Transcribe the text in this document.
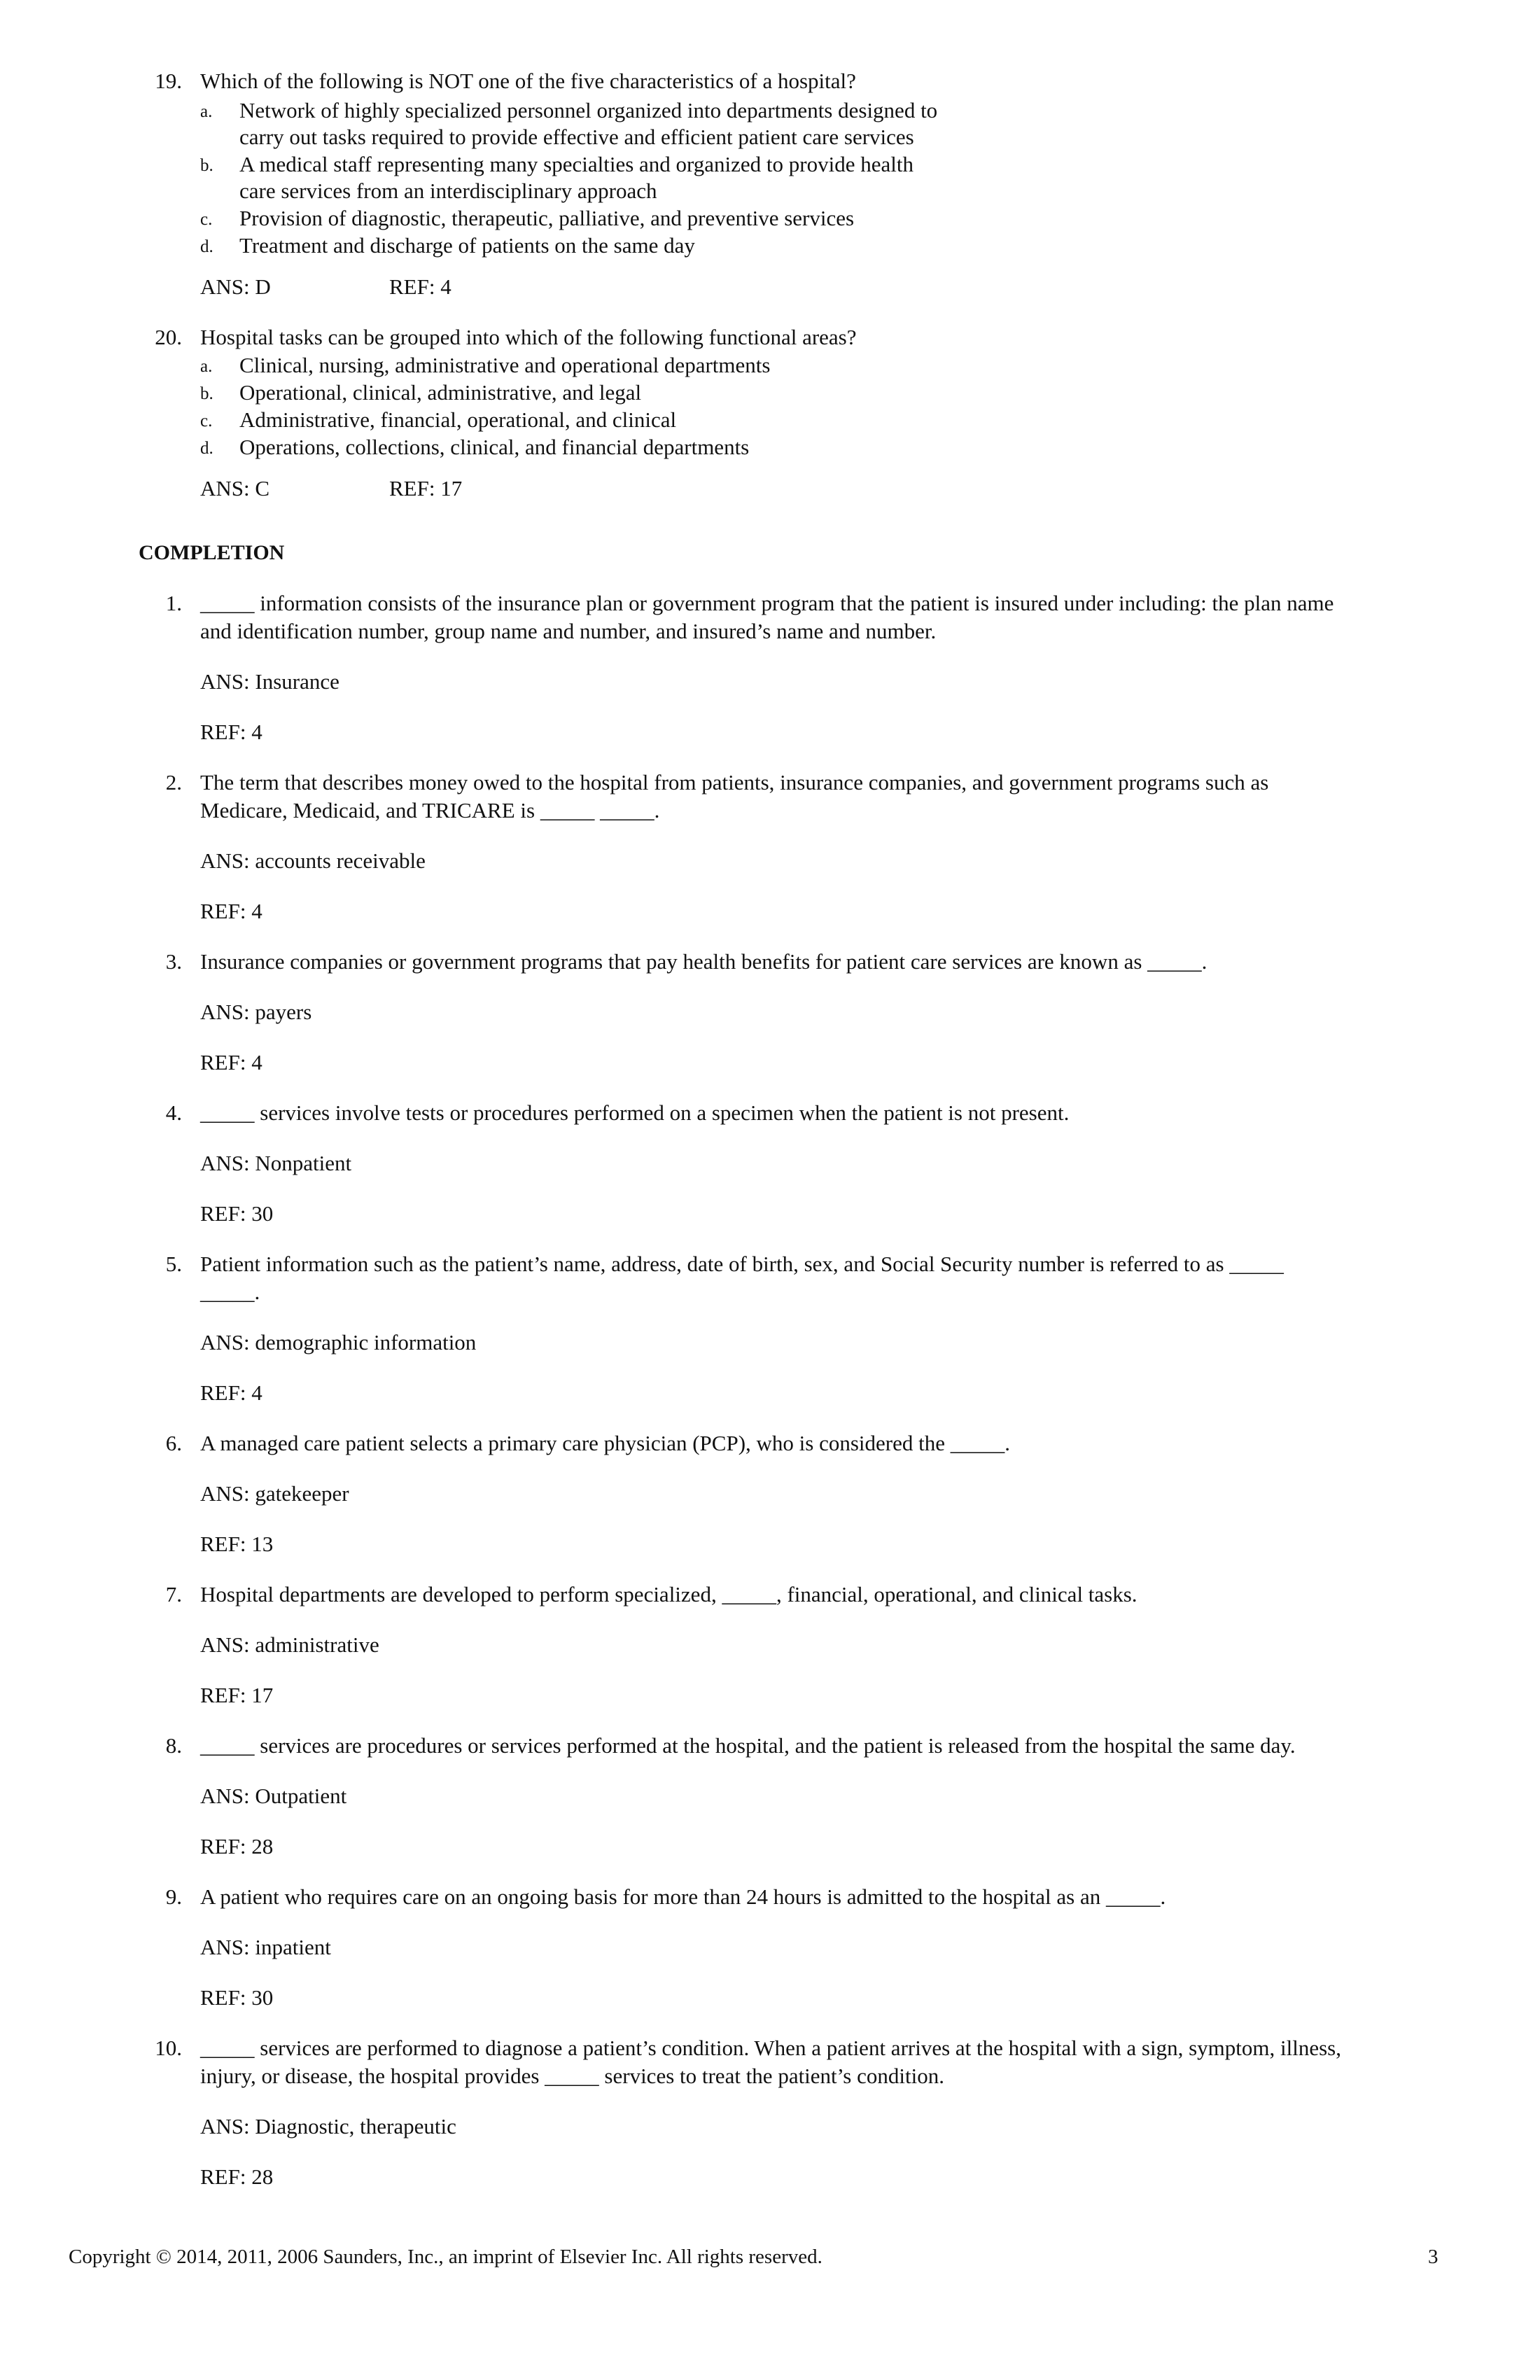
19. Which of the following is NOT one of the five characteristics of a hospital?
a. Network of highly specialized personnel organized into departments designed to
carry out tasks required to provide effective and efficient patient care services
b. A medical staff representing many specialties and organized to provide health
care services from an interdisciplinary approach
c. Provision of diagnostic, therapeutic, palliative, and preventive services
d. Treatment and discharge of patients on the same day
ANS: D	REF: 4
20. Hospital tasks can be grouped into which of the following functional areas?
a. Clinical, nursing, administrative and operational departments
b. Operational, clinical, administrative, and legal
c. Administrative, financial, operational, and clinical
d. Operations, collections, clinical, and financial departments
ANS: C	REF: 17
COMPLETION
1. _____ information consists of the insurance plan or government program that the patient is insured under including: the plan name
and identification number, group name and number, and insured’s name and number.
ANS: Insurance
REF: 4
2. The term that describes money owed to the hospital from patients, insurance companies, and government programs such as
Medicare, Medicaid, and TRICARE is _____ _____.
ANS: accounts receivable
REF: 4
3. Insurance companies or government programs that pay health benefits for patient care services are known as _____.
ANS: payers
REF: 4
4. _____ services involve tests or procedures performed on a specimen when the patient is not present.
ANS: Nonpatient
REF: 30
5. Patient information such as the patient’s name, address, date of birth, sex, and Social Security number is referred to as _____
_____.
ANS: demographic information
REF: 4
6. A managed care patient selects a primary care physician (PCP), who is considered the _____.
ANS: gatekeeper
REF: 13
7. Hospital departments are developed to perform specialized, _____, financial, operational, and clinical tasks.
ANS: administrative
REF: 17
8. _____ services are procedures or services performed at the hospital, and the patient is released from the hospital the same day.
ANS: Outpatient
REF: 28
9. A patient who requires care on an ongoing basis for more than 24 hours is admitted to the hospital as an _____.
ANS: inpatient
REF: 30
10. _____ services are performed to diagnose a patient’s condition. When a patient arrives at the hospital with a sign, symptom, illness,
injury, or disease, the hospital provides _____ services to treat the patient’s condition.
ANS: Diagnostic, therapeutic
REF: 28
Copyright © 2014, 2011, 2006 Saunders, Inc., an imprint of Elsevier Inc. All rights reserved.	3
